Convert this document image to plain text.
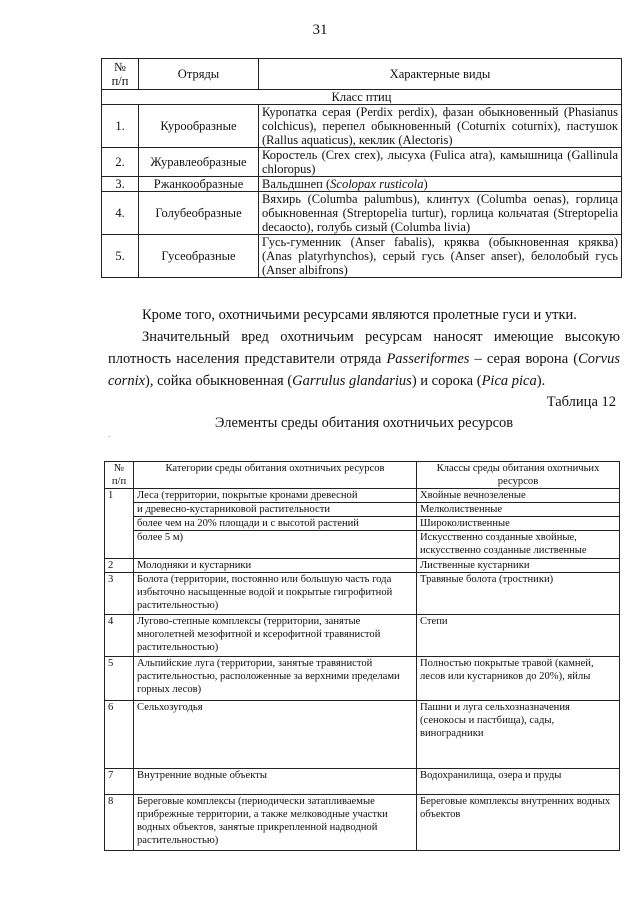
31
№
п/п	Отряды	Характерные виды
Класс птиц		
1.	Курообразные	Куропатка серая (Perdix perdix), фазан обыкновенный (Phasianus colchicus), перепел обыкновенный (Coturnix coturnix), пастушок (Rallus aquaticus), кеклик (Alectoris)
2.	Журавлеобразные	Коростель (Crex crex), лысуха (Fulica atra), камышница (Gallinula chloropus)
3.	Ржанкообразные	Вальдшнеп (Scolopax rusticola)
4.	Голубеобразные	Вяхирь (Columba palumbus), клинтух (Columba oenas), горлица обыкновенная (Streptopelia turtur), горлица кольчатая (Streptopelia decaocto), голубь сизый (Columba livia)
5.	Гусеобразные	Гусь-гуменник (Anser fabalis), кряква (обыкновенная кряква) (Anas platyrhynchos), серый гусь (Anser anser), белолобый гусь (Anser albifrons)
Кроме того, охотничьими ресурсами являются пролетные гуси и утки.
Значительный вред охотничьим ресурсам наносят имеющие высокую плотность населения представители отряда Passeriformes – серая ворона (Corvus cornix), сойка обыкновенная (Garrulus glandarius) и сорока (Pica pica).
Таблица 12
.
Элементы среды обитания охотничьих ресурсов
№
п/п	Категории среды обитания охотничьих ресурсов	Классы среды обитания охотничьих ресурсов
1	Леса (территории, покрытые кронами древесной	Хвойные вечнозеленые
	и древесно-кустарниковой растительности	Мелколиственные
	более чем на 20% площади и с высотой растений	Широколиственные
	более 5 м)	Искусственно созданные хвойные, искусственно созданные лиственные
2	Молодняки и кустарники	Лиственные кустарники
3	Болота (территории, постоянно или большую часть года избыточно насыщенные водой и покрытые гигрофитной растительностью)	Травяные болота (тростники)
4	Лугово-степные комплексы (территории, занятые многолетней мезофитной и ксерофитной травянистой растительностью)	Степи
5	Альпийские луга (территории, занятые травянистой растительностью, расположенные за верхними пределами горных лесов)	Полностью покрытые травой (камней, лесов или кустарников до 20%), яйлы
6	Сельхозугодья	Пашни и луга сельхозназначения (сенокосы и пастбища), сады, виноградники
7	Внутренние водные объекты	Водохранилища, озера и пруды
8	Береговые комплексы (периодически затапливаемые прибрежные территории, а также мелководные участки водных объектов, занятые прикрепленной надводной растительностью)	Береговые комплексы внутренних водных объектов
